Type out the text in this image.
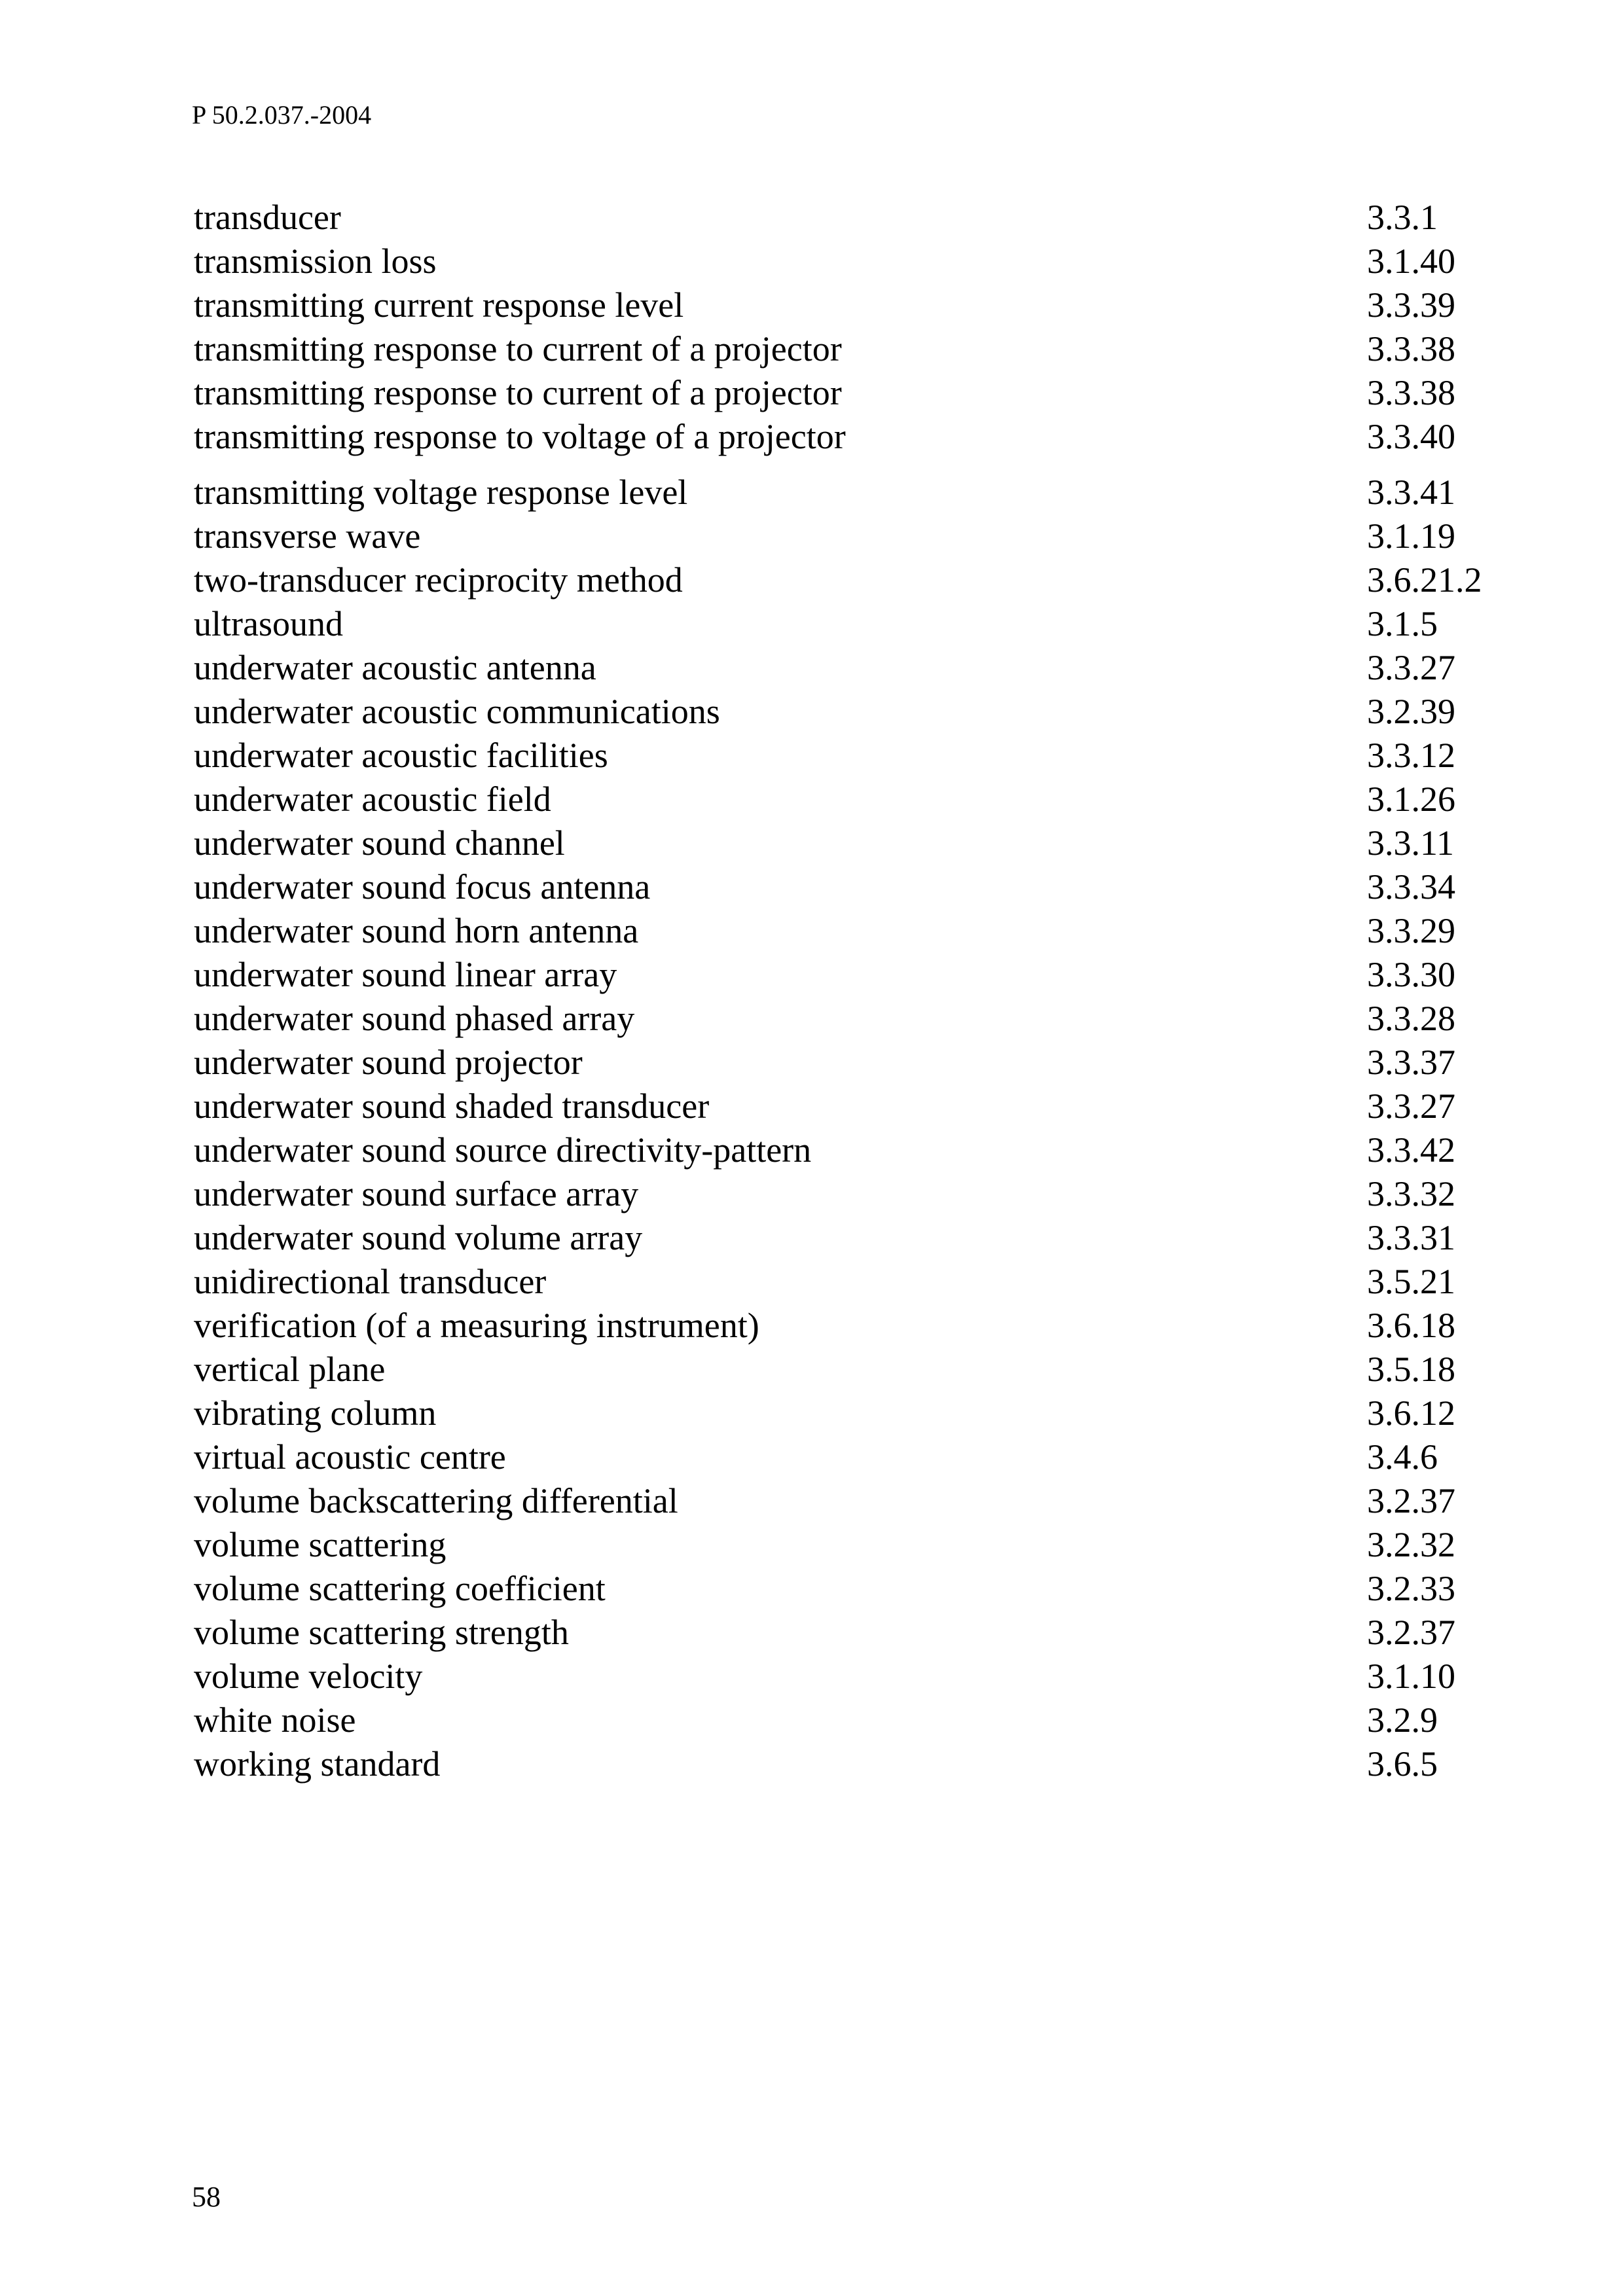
P 50.2.037.-2004
transducer	3.3.1
transmission loss	3.1.40
transmitting current response level	3.3.39
transmitting response to current of a projector	3.3.38
transmitting response to current of a projector	3.3.38
transmitting response to voltage of a projector	3.3.40
transmitting voltage response level	3.3.41
transverse wave	3.1.19
two-transducer reciprocity method	3.6.21.2
ultrasound	3.1.5
underwater acoustic antenna	3.3.27
underwater acoustic communications	3.2.39
underwater acoustic facilities	3.3.12
underwater acoustic field	3.1.26
underwater sound channel	3.3.11
underwater sound focus antenna	3.3.34
underwater sound horn antenna	3.3.29
underwater sound linear array	3.3.30
underwater sound phased array	3.3.28
underwater sound projector	3.3.37
underwater sound shaded transducer	3.3.27
underwater sound source directivity-pattern	3.3.42
underwater sound surface array	3.3.32
underwater sound volume array	3.3.31
unidirectional transducer	3.5.21
verification (of a measuring instrument)	3.6.18
vertical plane	3.5.18
vibrating column	3.6.12
virtual acoustic centre	3.4.6
volume backscattering differential	3.2.37
volume scattering	3.2.32
volume scattering coefficient	3.2.33
volume scattering strength	3.2.37
volume velocity	3.1.10
white noise	3.2.9
working standard	3.6.5
58
